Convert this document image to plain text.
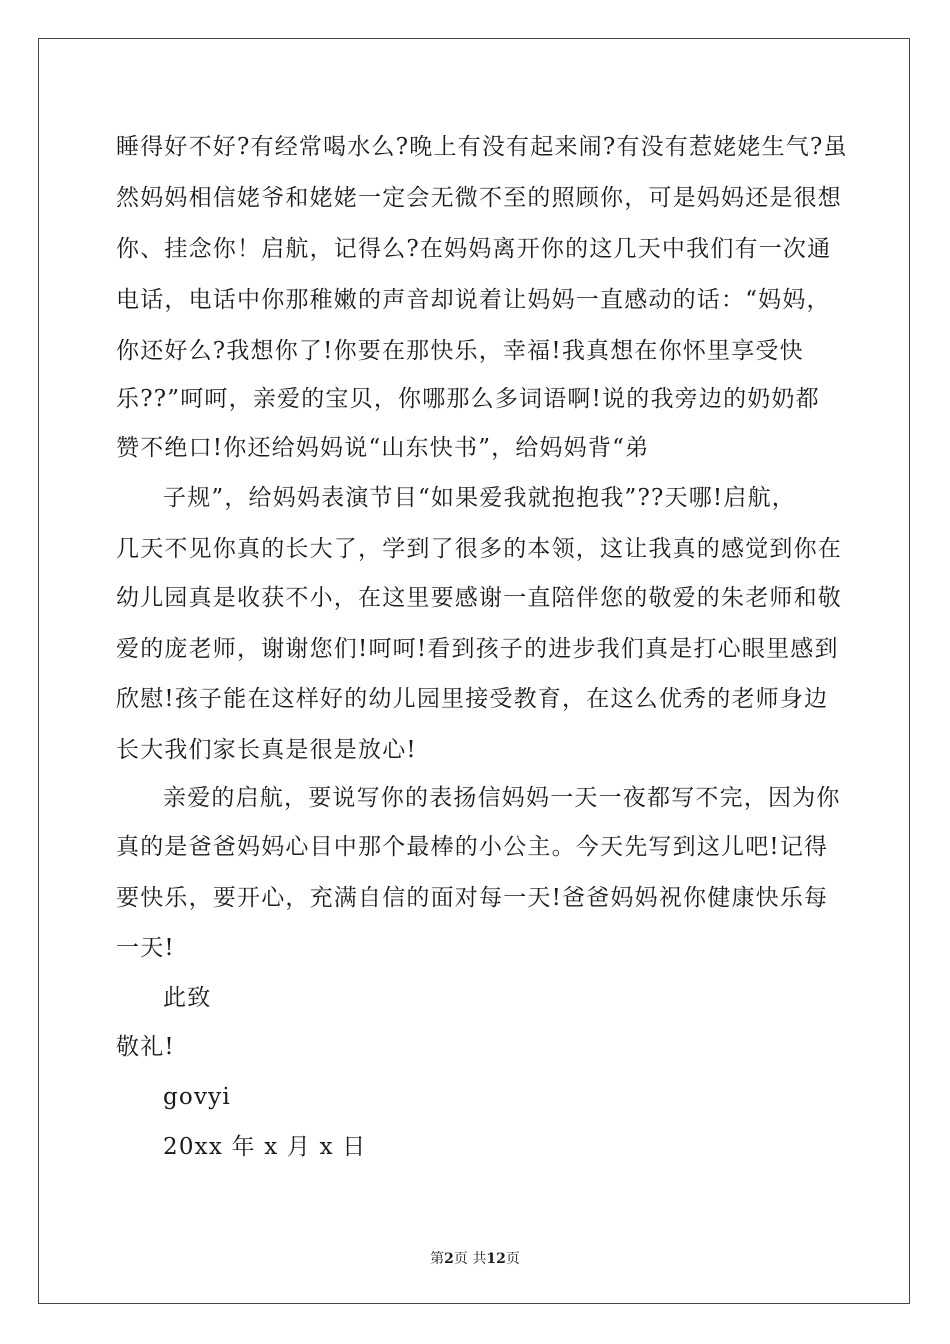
睡得好不好?有经常喝水么?晚上有没有起来闹?有没有惹姥姥生气?虽
然妈妈相信姥爷和姥姥一定会无微不至的照顾你，可是妈妈还是很想
你、挂念你！启航，记得么?在妈妈离开你的这几天中我们有一次通
电话，电话中你那稚嫩的声音却说着让妈妈一直感动的话：“妈妈，
你还好么?我想你了!你要在那快乐，幸福!我真想在你怀里享受快
乐??”呵呵，亲爱的宝贝，你哪那么多词语啊!说的我旁边的奶奶都
赞不绝口!你还给妈妈说“山东快书”，给妈妈背“弟
子规”，给妈妈表演节目“如果爱我就抱抱我”??天哪!启航，
几天不见你真的长大了，学到了很多的本领，这让我真的感觉到你在
幼儿园真是收获不小，在这里要感谢一直陪伴您的敬爱的朱老师和敬
爱的庞老师，谢谢您们!呵呵!看到孩子的进步我们真是打心眼里感到
欣慰!孩子能在这样好的幼儿园里接受教育，在这么优秀的老师身边
长大我们家长真是很是放心!
亲爱的启航，要说写你的表扬信妈妈一天一夜都写不完，因为你
真的是爸爸妈妈心目中那个最棒的小公主。今天先写到这儿吧!记得
要快乐，要开心，充满自信的面对每一天!爸爸妈妈祝你健康快乐每
一天!
此致
敬礼!
govyi
20xx 年 x 月 x 日
第2页 共12页
